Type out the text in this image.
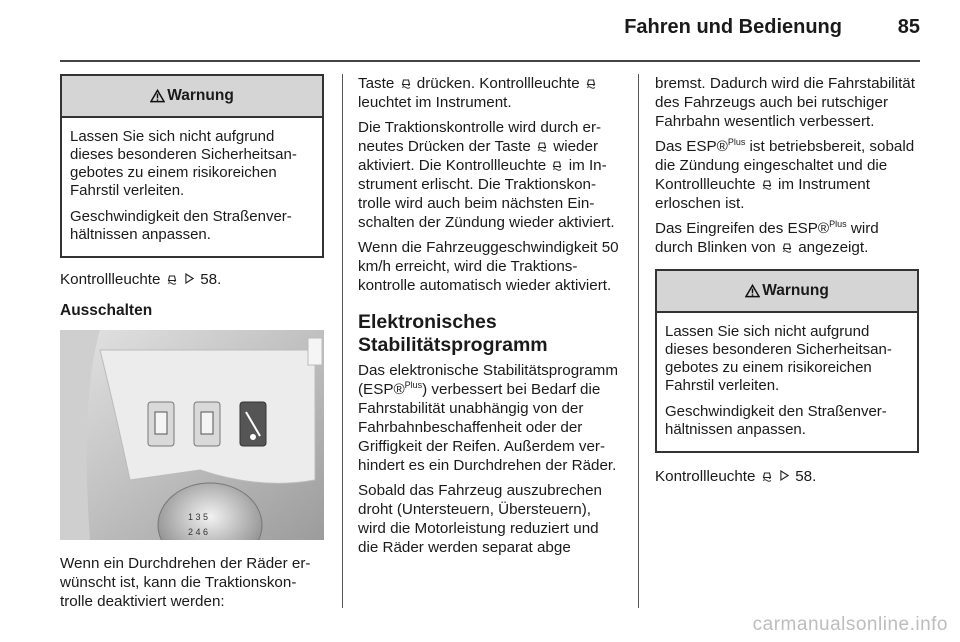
Fahren und Bedienung	85
Warnung

Lassen Sie sich nicht aufgrund dieses besonderen Sicherheitsangebotes zu einem risikoreichen Fahrstil verleiten.

Geschwindigkeit den Straßenverhältnissen anpassen.

Kontrollleuchte	58.

Ausschalten
1 3 5
2 4 6

Wenn ein Durchdrehen der Räder erwünscht ist, kann die Traktionskontrolle deaktiviert werden:

Taste drücken. Kontrollleuchte  leuchtet im Instrument.

Die Traktionskontrolle wird durch erneutes Drücken der Taste wieder aktiviert. Die Kontrollleuchte im Instrument erlischt. Die Traktionskontrolle wird auch beim nächsten Einschalten der Zündung wieder aktiviert.

Wenn die Fahrzeuggeschwindigkeit 50 km/h erreicht, wird die Traktionskontrolle automatisch wieder aktiviert.

Elektronisches
Stabilitätsprogramm

Das elektronische Stabilitätsprogramm (ESP®$^{Plus}$) verbessert bei Bedarf die Fahrstabilität unabhängig von der Fahrbahnbeschaffenheit oder der Griffigkeit der Reifen. Außerdem verhindert es ein Durchdrehen der Räder.

Sobald das Fahrzeug auszubrechen droht (Untersteuern, Übersteuern), wird die Motorleistung reduziert und die Räder werden separat abge

bremst. Dadurch wird die Fahrstabilität des Fahrzeugs auch bei rutschiger Fahrbahn wesentlich verbessert.

Das ESP®$^{Plus}$ ist betriebsbereit, sobald die Zündung eingeschaltet und die Kontrollleuchte im Instrument erloschen ist.

Das Eingreifen des ESP®$^{Plus}$ wird durch Blinken von angezeigt.

Warnung

Lassen Sie sich nicht aufgrund dieses besonderen Sicherheitsangebotes zu einem risikoreichen Fahrstil verleiten.

Geschwindigkeit den Straßenverhältnissen anpassen.

Kontrollleuchte	58.

carmanualsonline.info
